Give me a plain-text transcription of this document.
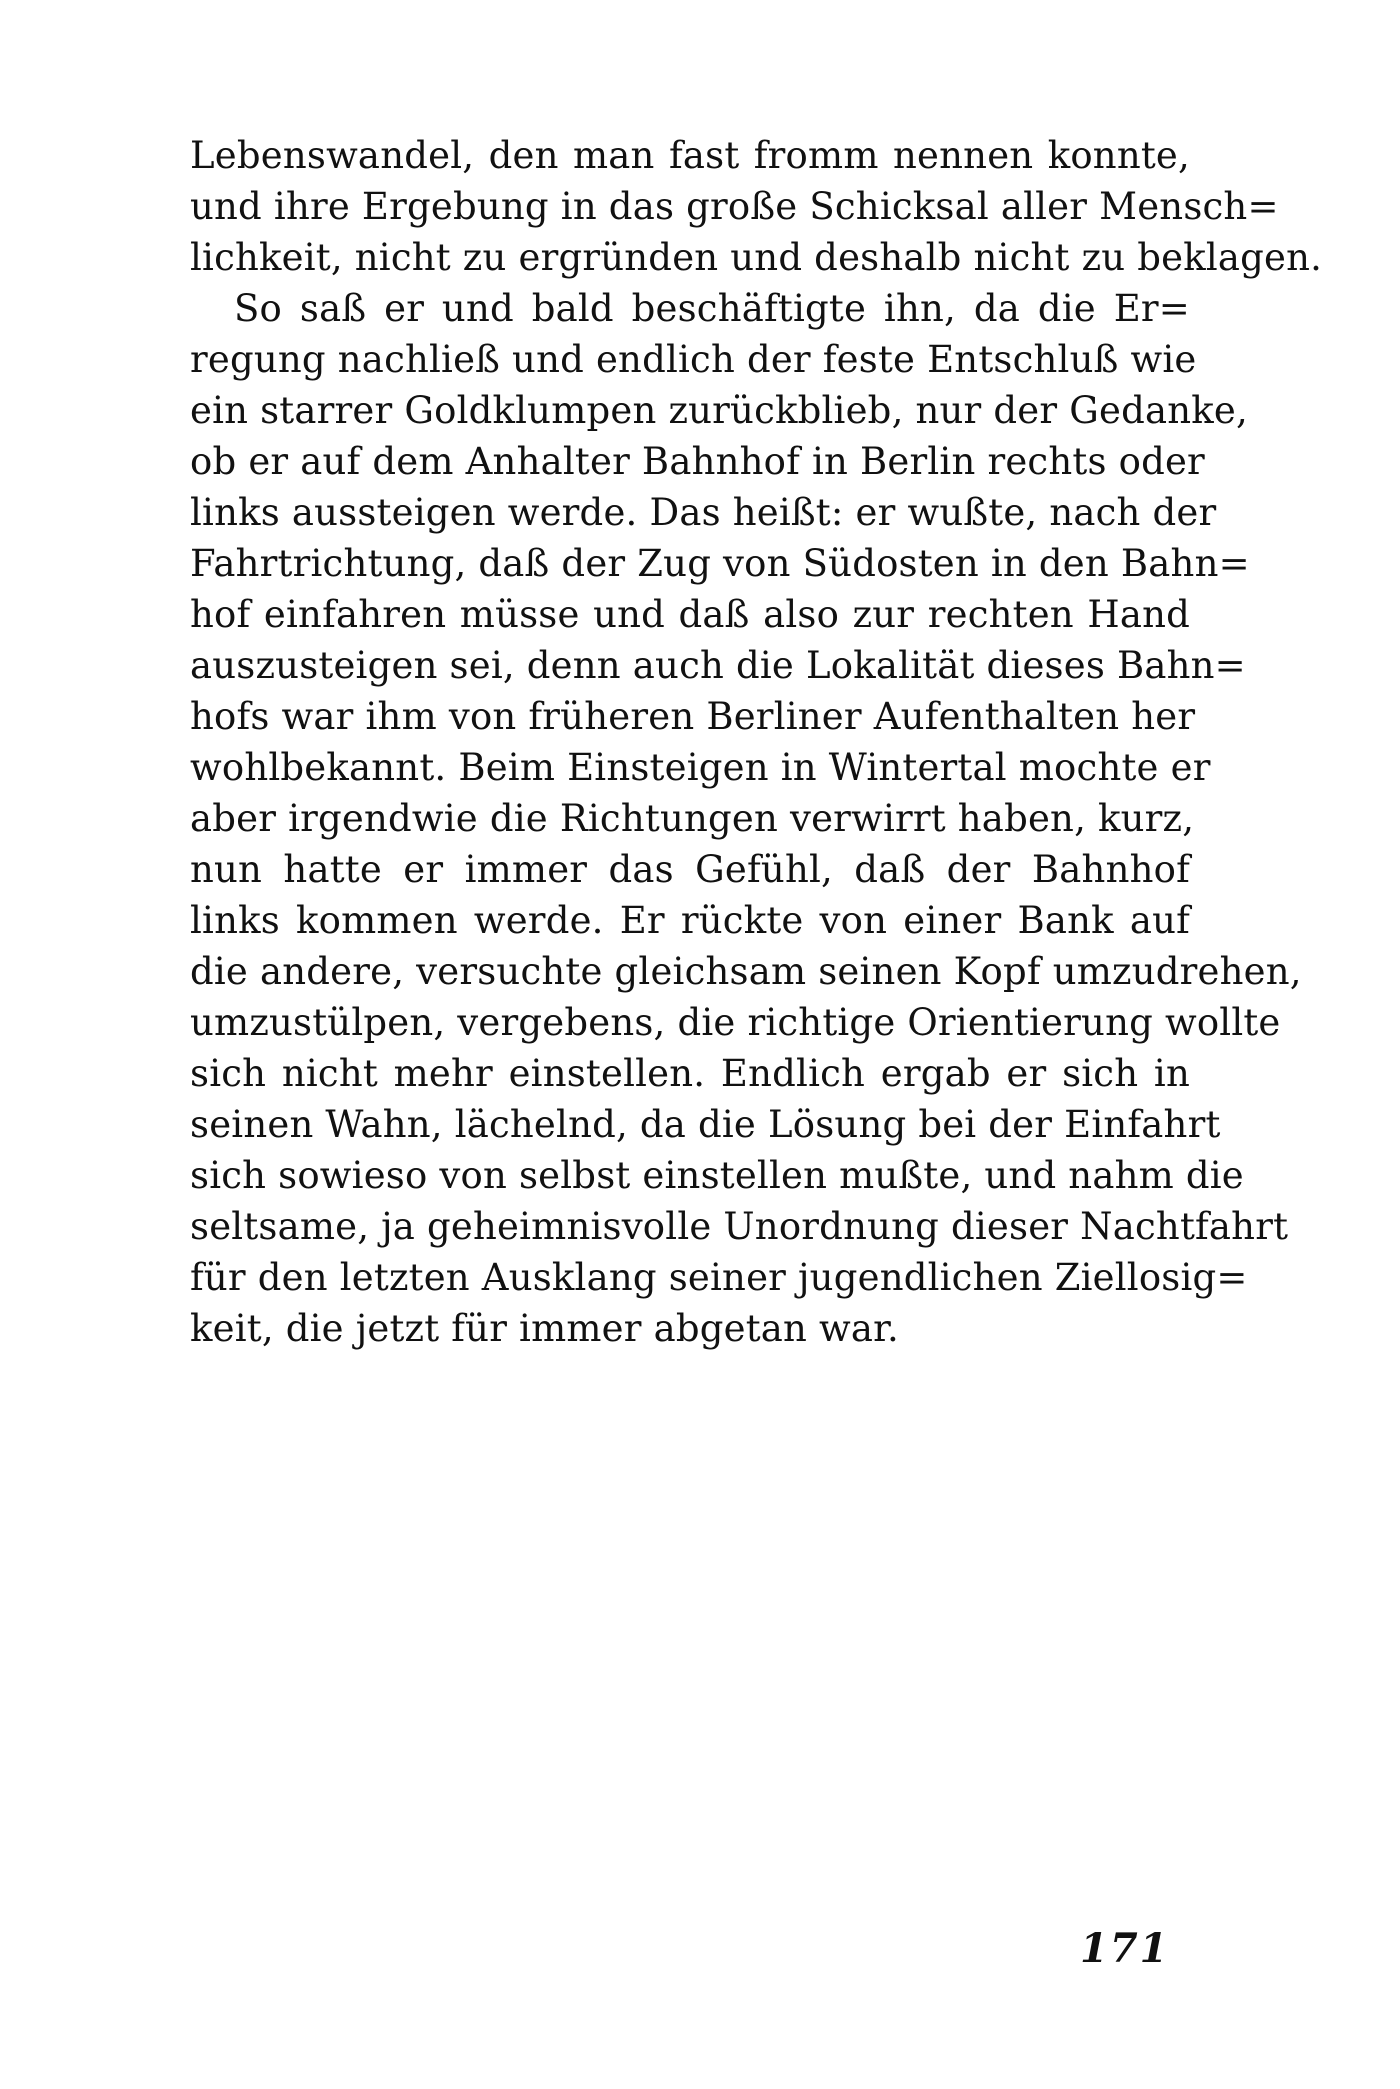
Lebenswandel, den man fast fromm nennen konnte,
und ihre Ergebung in das große Schicksal aller Mensch=
lichkeit, nicht zu ergründen und deshalb nicht zu beklagen.
So saß er und bald beschäftigte ihn, da die Er=
regung nachließ und endlich der feste Entschluß wie
ein starrer Goldklumpen zurückblieb, nur der Gedanke,
ob er auf dem Anhalter Bahnhof in Berlin rechts oder
links aussteigen werde. Das heißt: er wußte, nach der
Fahrtrichtung, daß der Zug von Südosten in den Bahn=
hof einfahren müsse und daß also zur rechten Hand
auszusteigen sei, denn auch die Lokalität dieses Bahn=
hofs war ihm von früheren Berliner Aufenthalten her
wohlbekannt. Beim Einsteigen in Wintertal mochte er
aber irgendwie die Richtungen verwirrt haben, kurz,
nun hatte er immer das Gefühl, daß der Bahnhof
links kommen werde. Er rückte von einer Bank auf
die andere, versuchte gleichsam seinen Kopf umzudrehen,
umzustülpen, vergebens, die richtige Orientierung wollte
sich nicht mehr einstellen. Endlich ergab er sich in
seinen Wahn, lächelnd, da die Lösung bei der Einfahrt
sich sowieso von selbst einstellen mußte, und nahm die
seltsame, ja geheimnisvolle Unordnung dieser Nachtfahrt
für den letzten Ausklang seiner jugendlichen Ziellosig=
keit, die jetzt für immer abgetan war.
171
